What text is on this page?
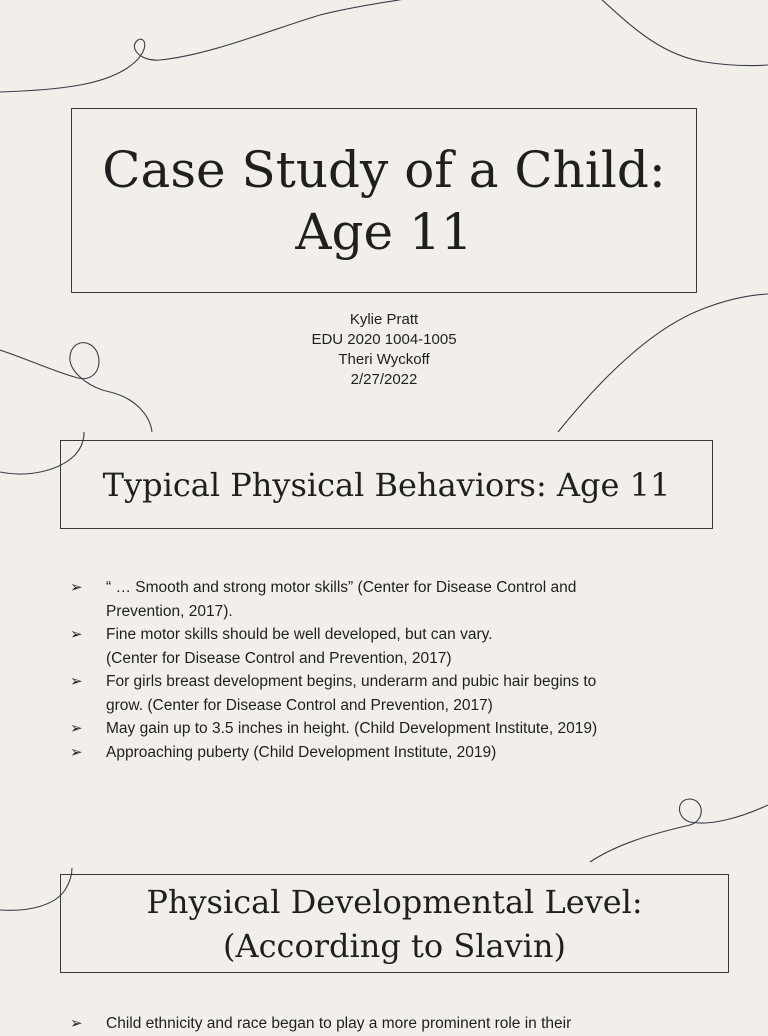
Case Study of a Child: Age 11
Kylie Pratt
EDU 2020 1004-1005
Theri Wyckoff
2/27/2022
Typical Physical Behaviors: Age 11
➢ “ … Smooth and strong motor skills” (Center for Disease Control and
Prevention, 2017).
➢ Fine motor skills should be well developed, but can vary.
(Center for Disease Control and Prevention, 2017)
➢ For girls breast development begins, underarm and pubic hair begins to
grow. (Center for Disease Control and Prevention, 2017)
➢ May gain up to 3.5 inches in height. (Child Development Institute, 2019)
➢ Approaching puberty (Child Development Institute, 2019)
Physical Developmental Level:
(According to Slavin)
➢ Child ethnicity and race began to play a more prominent role in their
